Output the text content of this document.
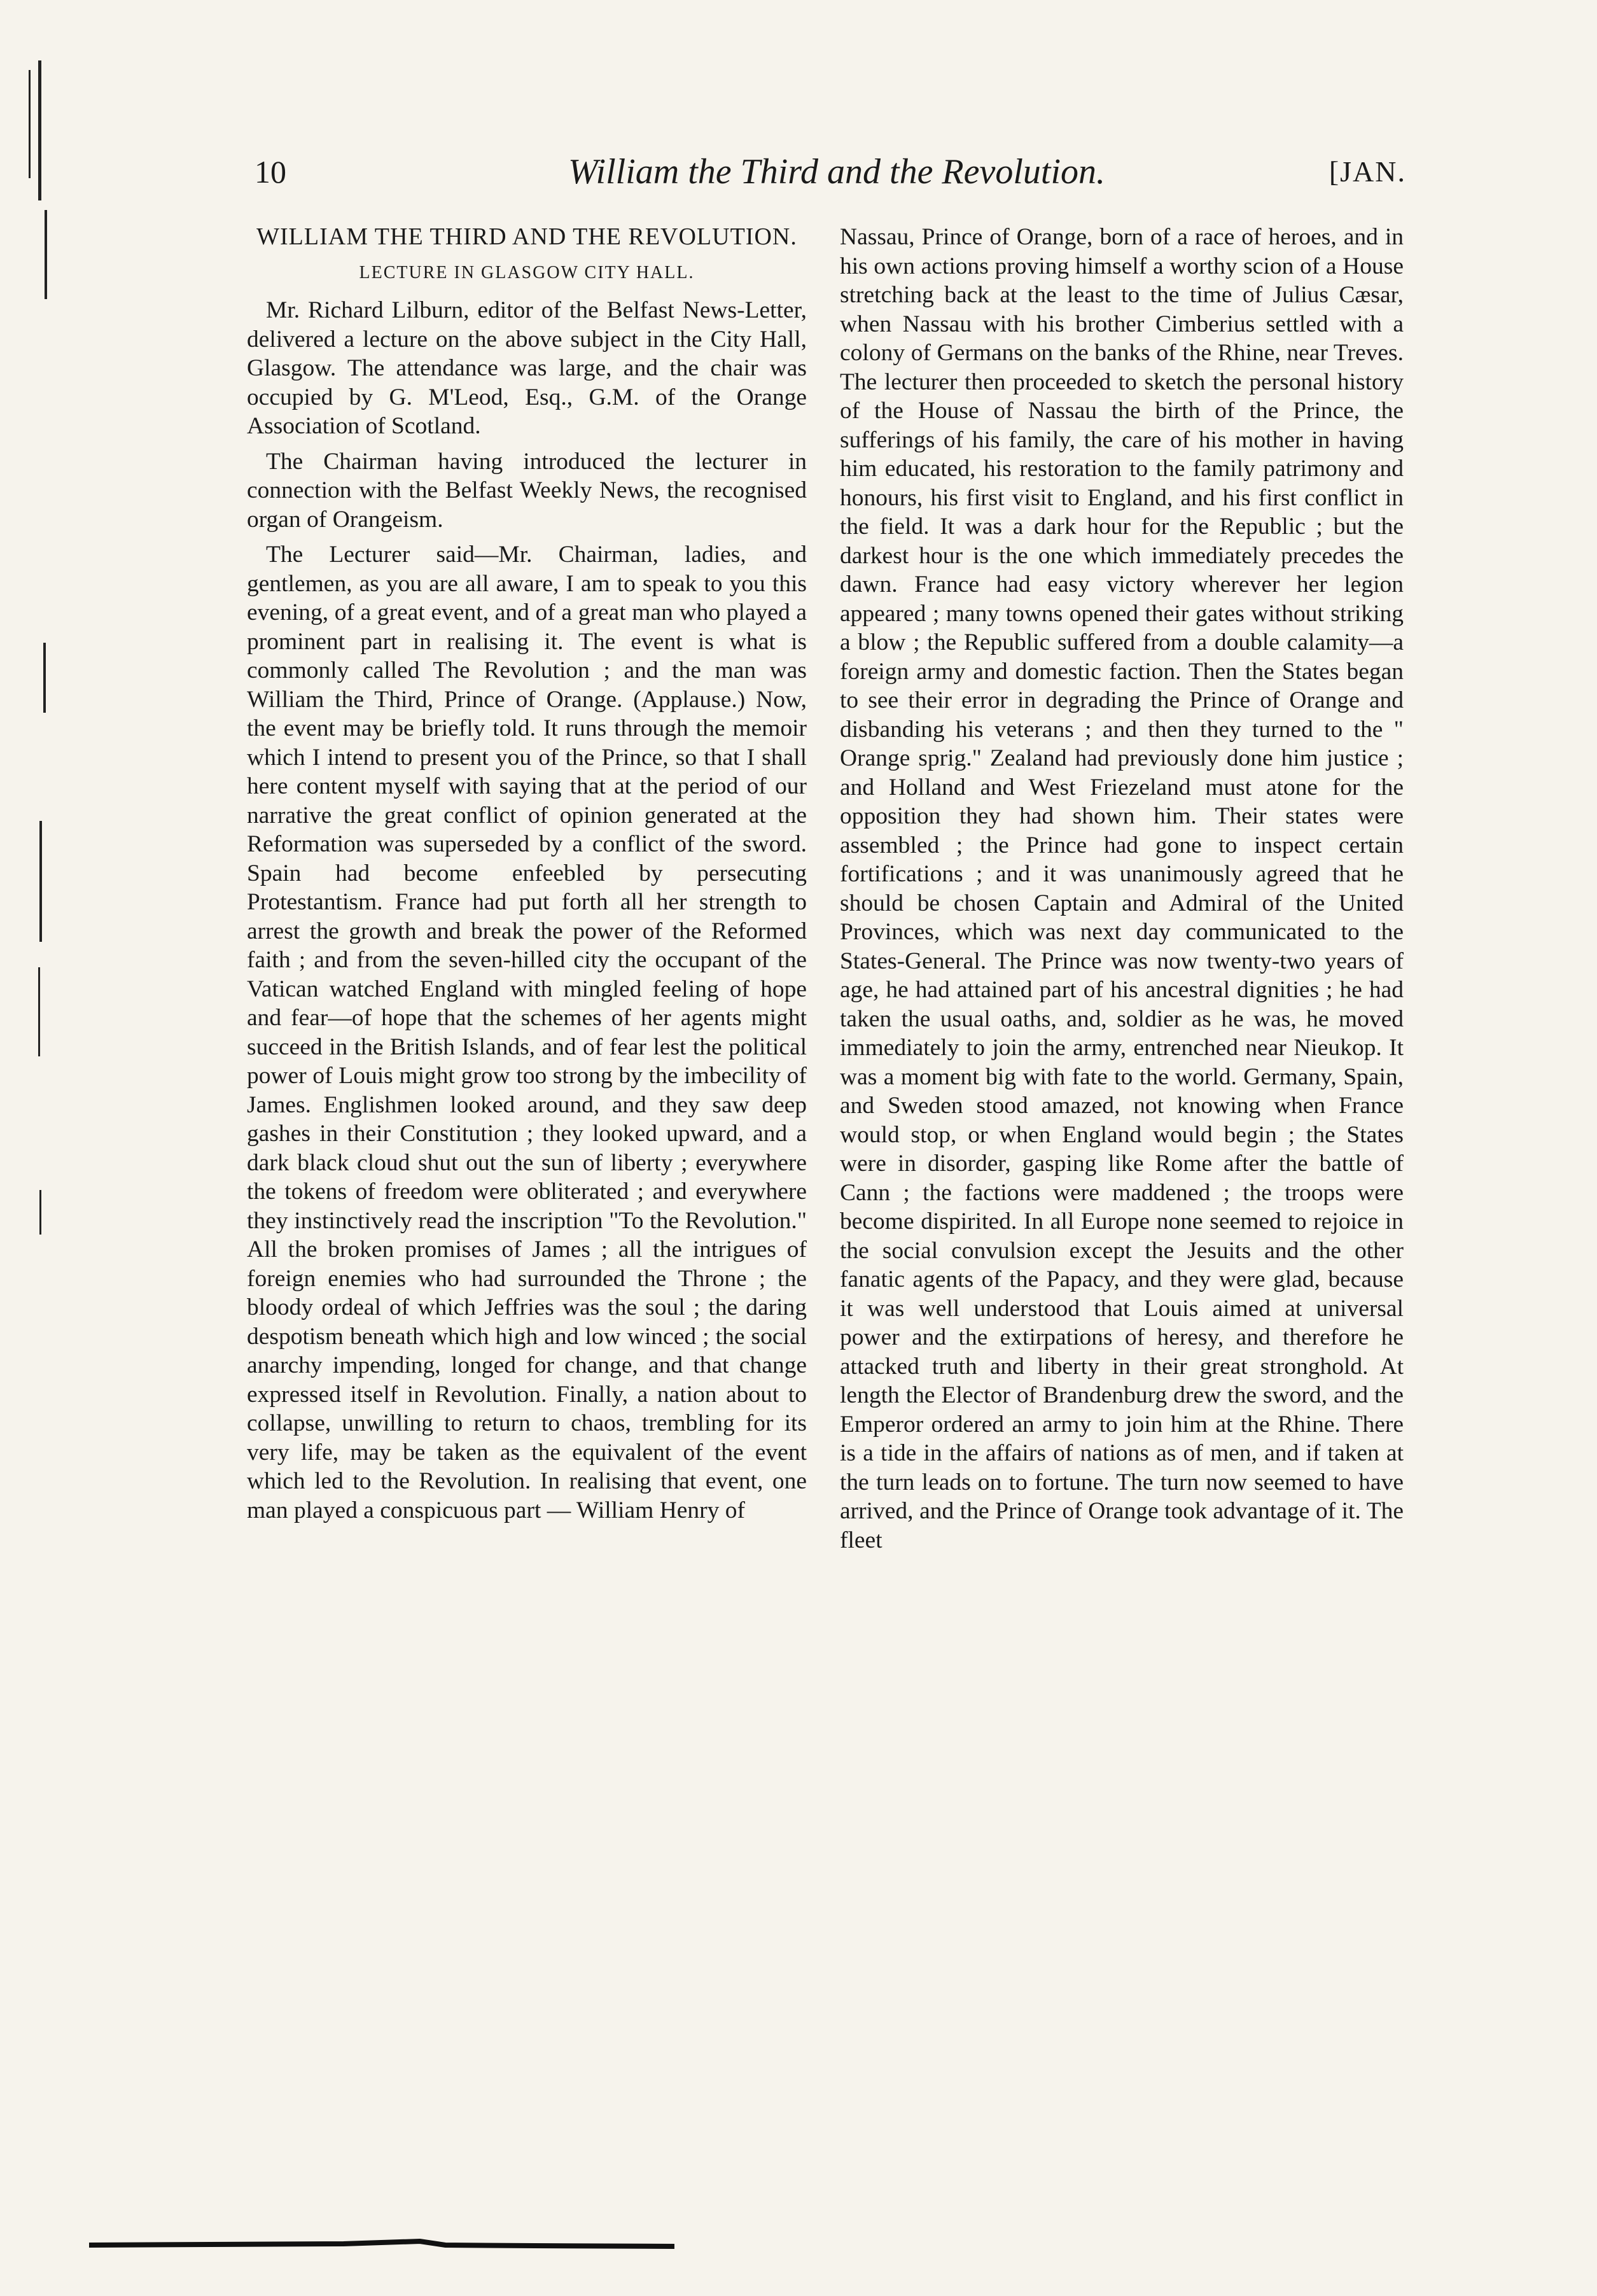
10	William the Third and the Revolution.	[JAN.
WILLIAM THE THIRD AND THE REVOLUTION.
LECTURE IN GLASGOW CITY HALL.

Mr. Richard Lilburn, editor of the Belfast News-Letter, delivered a lecture on the above subject in the City Hall, Glasgow. The attendance was large, and the chair was occupied by G. M'Leod, Esq., G.M. of the Orange Association of Scotland.

The Chairman having introduced the lecturer in connection with the Belfast Weekly News, the recognised organ of Orangeism.

The Lecturer said—Mr. Chairman, ladies, and gentlemen, as you are all aware, I am to speak to you this evening, of a great event, and of a great man who played a prominent part in realising it. The event is what is commonly called The Revolution ; and the man was William the Third, Prince of Orange. (Applause.) Now, the event may be briefly told. It runs through the memoir which I intend to present you of the Prince, so that I shall here content myself with saying that at the period of our narrative the great conflict of opinion generated at the Reformation was superseded by a conflict of the sword. Spain had become enfeebled by persecuting Protestantism. France had put forth all her strength to arrest the growth and break the power of the Reformed faith ; and from the seven-hilled city the occupant of the Vatican watched England with mingled feeling of hope and fear—of hope that the schemes of her agents might succeed in the British Islands, and of fear lest the political power of Louis might grow too strong by the imbecility of James. Englishmen looked around, and they saw deep gashes in their Constitution ; they looked upward, and a dark black cloud shut out the sun of liberty ; everywhere the tokens of freedom were obliterated ; and everywhere they instinctively read the inscription "To the Revolution." All the broken promises of James ; all the intrigues of foreign enemies who had surrounded the Throne ; the bloody ordeal of which Jeffries was the soul ; the daring despotism beneath which high and low winced ; the social anarchy impending, longed for change, and that change expressed itself in Revolution. Finally, a nation about to collapse, unwilling to return to chaos, trembling for its very life, may be taken as the equivalent of the event which led to the Revolution. In realising that event, one man played a conspicuous part — William Henry of

Nassau, Prince of Orange, born of a race of heroes, and in his own actions proving himself a worthy scion of a House stretching back at the least to the time of Julius Cæsar, when Nassau with his brother Cimberius settled with a colony of Germans on the banks of the Rhine, near Treves. The lecturer then proceeded to sketch the personal history of the House of Nassau the birth of the Prince, the sufferings of his family, the care of his mother in having him educated, his restoration to the family patrimony and honours, his first visit to England, and his first conflict in the field. It was a dark hour for the Republic ; but the darkest hour is the one which immediately precedes the dawn. France had easy victory wherever her legion appeared ; many towns opened their gates without striking a blow ; the Republic suffered from a double calamity—a foreign army and domestic faction. Then the States began to see their error in degrading the Prince of Orange and disbanding his veterans ; and then they turned to the " Orange sprig." Zealand had previously done him justice ; and Holland and West Friezeland must atone for the opposition they had shown him. Their states were assembled ; the Prince had gone to inspect certain fortifications ; and it was unanimously agreed that he should be chosen Captain and Admiral of the United Provinces, which was next day communicated to the States-General. The Prince was now twenty-two years of age, he had attained part of his ancestral dignities ; he had taken the usual oaths, and, soldier as he was, he moved immediately to join the army, entrenched near Nieukop. It was a moment big with fate to the world. Germany, Spain, and Sweden stood amazed, not knowing when France would stop, or when England would begin ; the States were in disorder, gasping like Rome after the battle of Cann ; the factions were maddened ; the troops were become dispirited. In all Europe none seemed to rejoice in the social convulsion except the Jesuits and the other fanatic agents of the Papacy, and they were glad, because it was well understood that Louis aimed at universal power and the extirpations of heresy, and therefore he attacked truth and liberty in their great stronghold. At length the Elector of Brandenburg drew the sword, and the Emperor ordered an army to join him at the Rhine. There is a tide in the affairs of nations as of men, and if taken at the turn leads on to fortune. The turn now seemed to have arrived, and the Prince of Orange took advantage of it. The fleet
